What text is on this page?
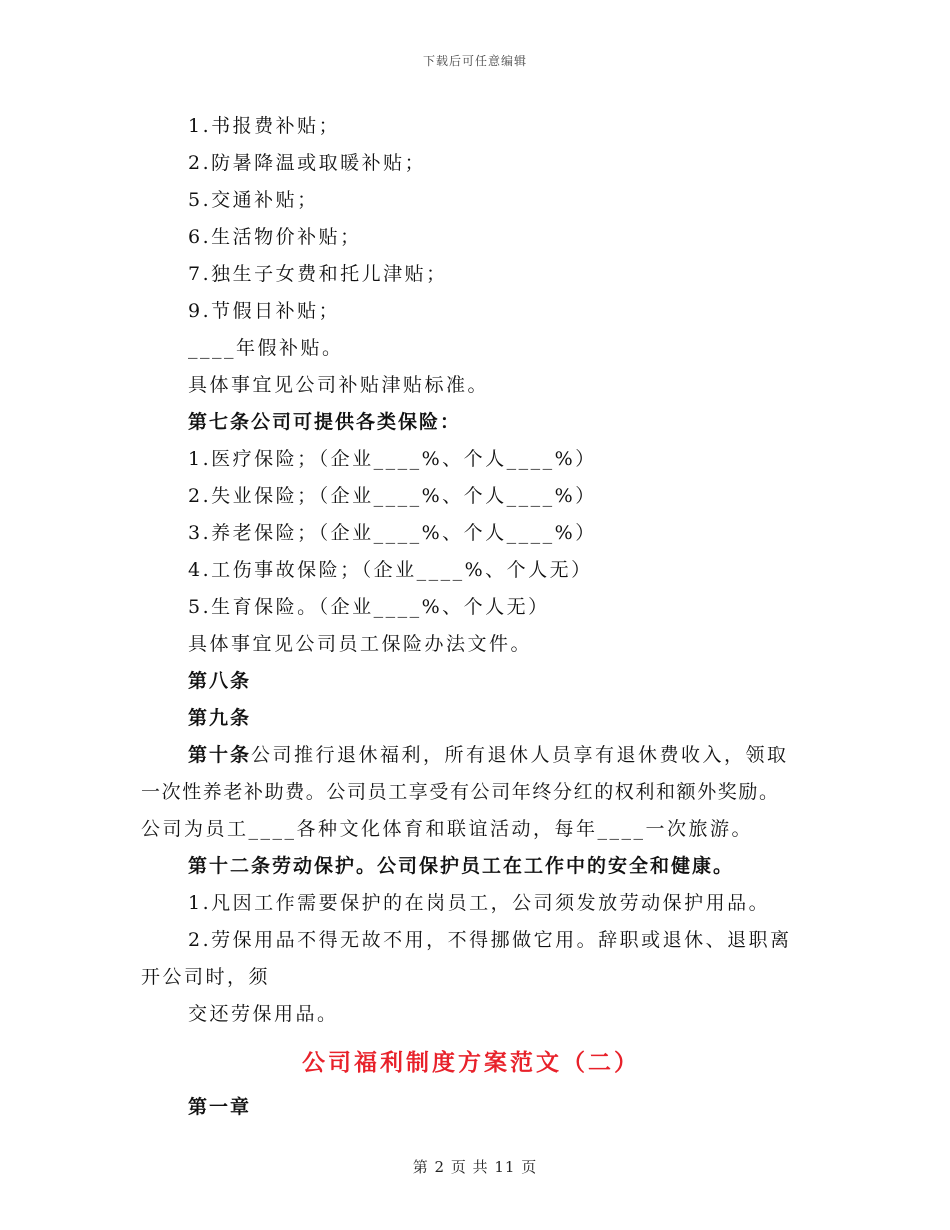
下载后可任意编辑
1.书报费补贴；
2.防暑降温或取暖补贴；
5.交通补贴；
6.生活物价补贴；
7.独生子女费和托儿津贴；
9.节假日补贴；
____年假补贴。
具体事宜见公司补贴津贴标准。
第七条公司可提供各类保险：
1.医疗保险；（企业____%、个人____%）
2.失业保险；（企业____%、个人____%）
3.养老保险；（企业____%、个人____%）
4.工伤事故保险；（企业____%、个人无）
5.生育保险。（企业____%、个人无）
具体事宜见公司员工保险办法文件。
第八条
第九条
第十条公司推行退休福利，所有退休人员享有退休费收入，领取
一次性养老补助费。公司员工享受有公司年终分红的权利和额外奖励。
公司为员工____各种文化体育和联谊活动，每年____一次旅游。
第十二条劳动保护。公司保护员工在工作中的安全和健康。
1.凡因工作需要保护的在岗员工，公司须发放劳动保护用品。
2.劳保用品不得无故不用，不得挪做它用。辞职或退休、退职离
开公司时，须
交还劳保用品。
公司福利制度方案范文（二）
第一章
第 2 页 共 11 页
